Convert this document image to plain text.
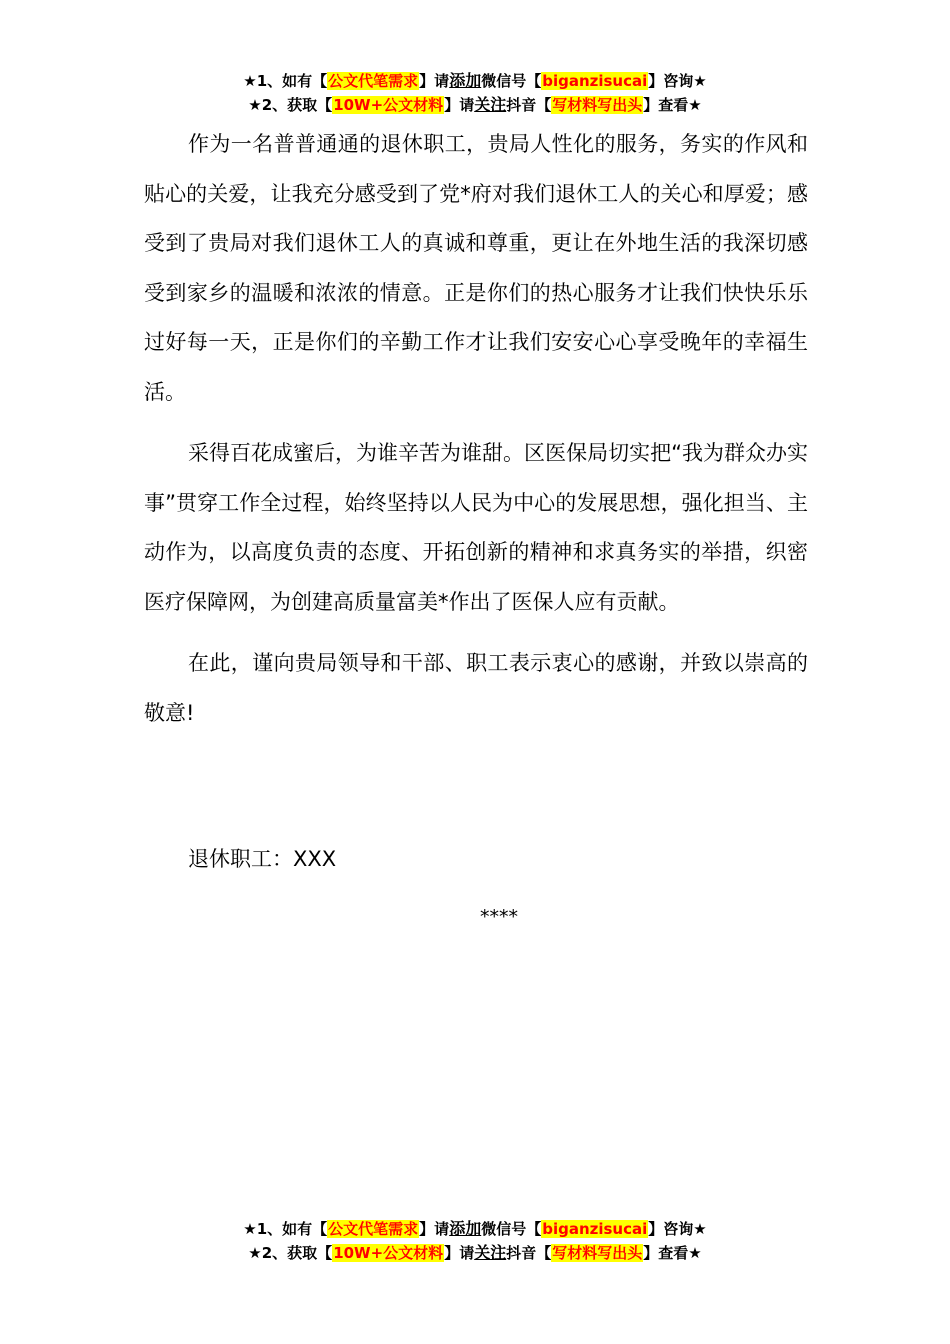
★1、如有【公文代笔需求】请添加微信号【biganzisucai】咨询★
★2、获取【10W+公文材料】请关注抖音【写材料写出头】查看★

作为一名普普通通的退休职工，贵局人性化的服务，务实的作风和贴心的关爱，让我充分感受到了党*府对我们退休工人的关心和厚爱；感受到了贵局对我们退休工人的真诚和尊重，更让在外地生活的我深切感受到家乡的温暖和浓浓的情意。正是你们的热心服务才让我们快快乐乐过好每一天，正是你们的辛勤工作才让我们安安心心享受晚年的幸福生活。

采得百花成蜜后，为谁辛苦为谁甜。区医保局切实把“我为群众办实事”贯穿工作全过程，始终坚持以人民为中心的发展思想，强化担当、主动作为，以高度负责的态度、开拓创新的精神和求真务实的举措，织密医疗保障网，为创建高质量富美*作出了医保人应有贡献。

在此，谨向贵局领导和干部、职工表示衷心的感谢，并致以崇高的敬意!

退休职工：XXX
****
★1、如有【公文代笔需求】请添加微信号【biganzisucai】咨询★
★2、获取【10W+公文材料】请关注抖音【写材料写出头】查看★
